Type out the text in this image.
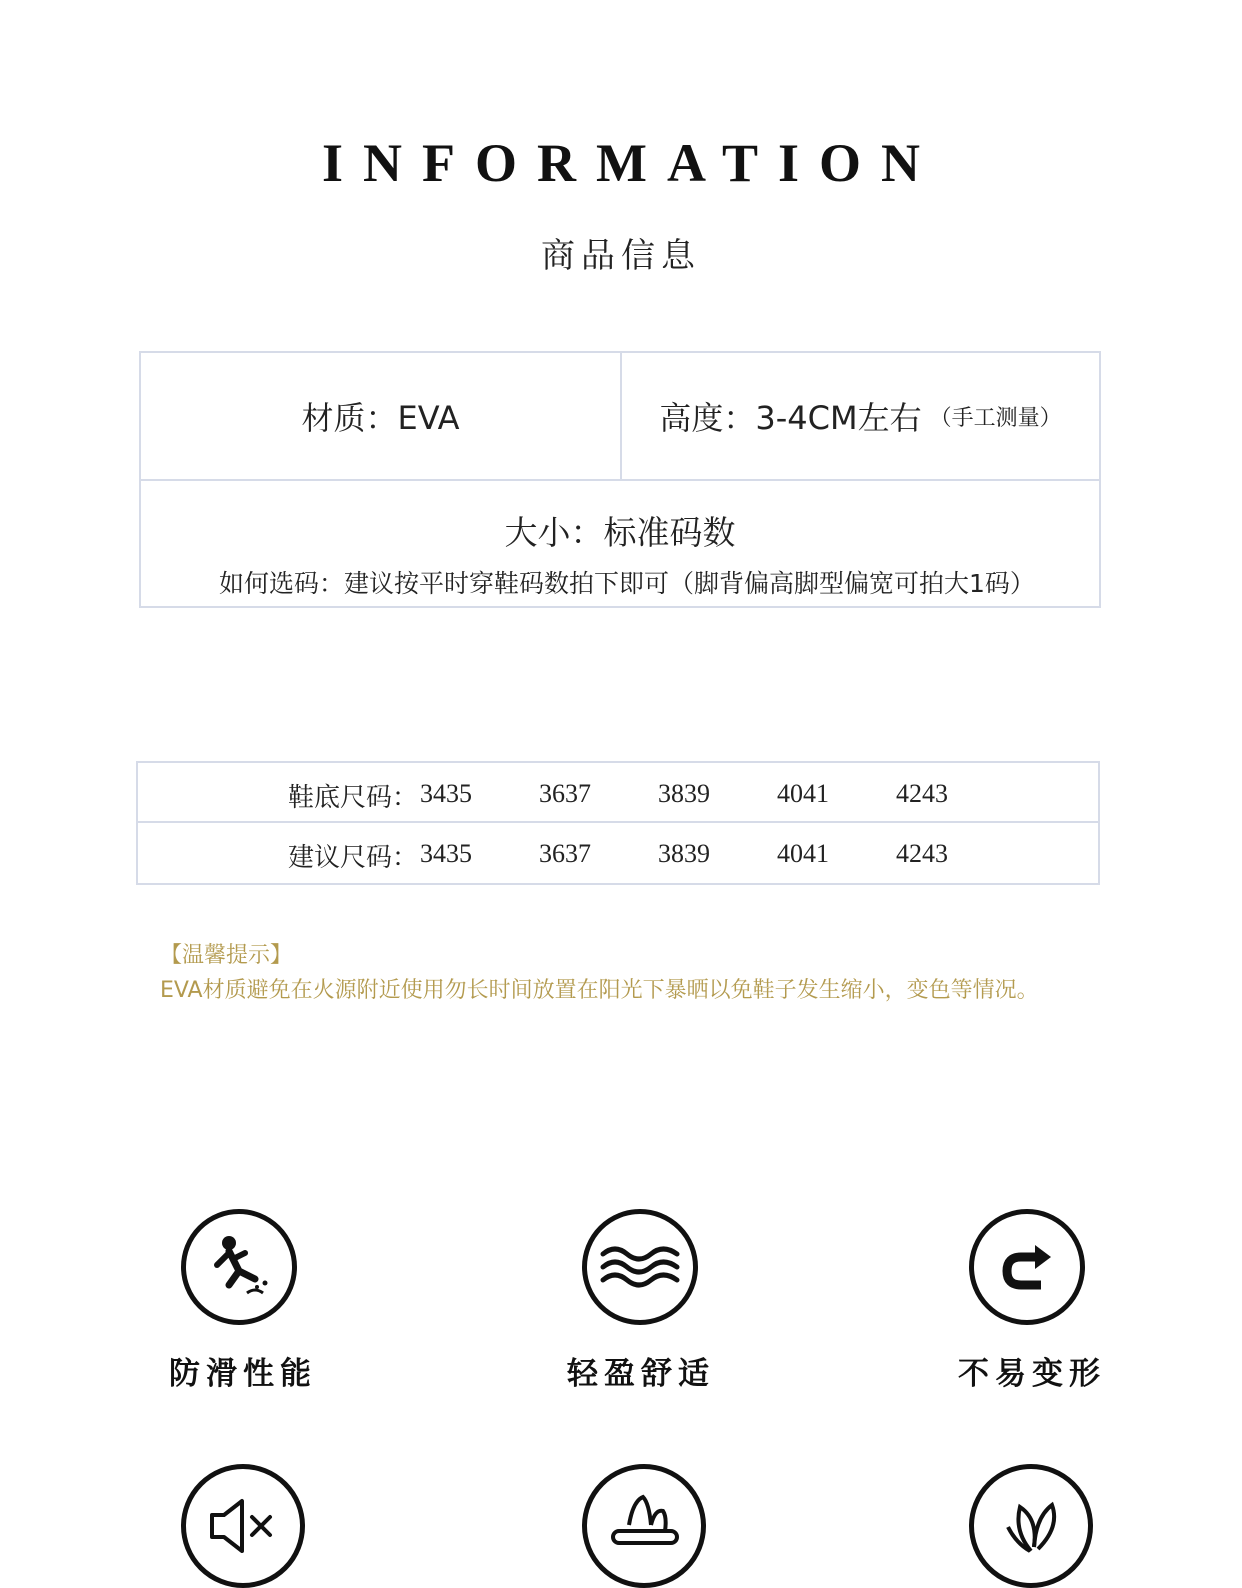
INFORMATION
商品信息
材质：EVA	高度：3-4CM左右 （手工测量）
大小：标准码数
如何选码：建议按平时穿鞋码数拍下即可（脚背偏高脚型偏宽可拍大1码）
鞋底尺码： 3435	3637	3839	4041	4243
建议尺码： 3435	3637	3839	4041	4243
【温馨提示】
EVA材质避免在火源附近使用勿长时间放置在阳光下暴晒以免鞋子发生缩小，变色等情况。
防滑性能	轻盈舒适	不易变形
